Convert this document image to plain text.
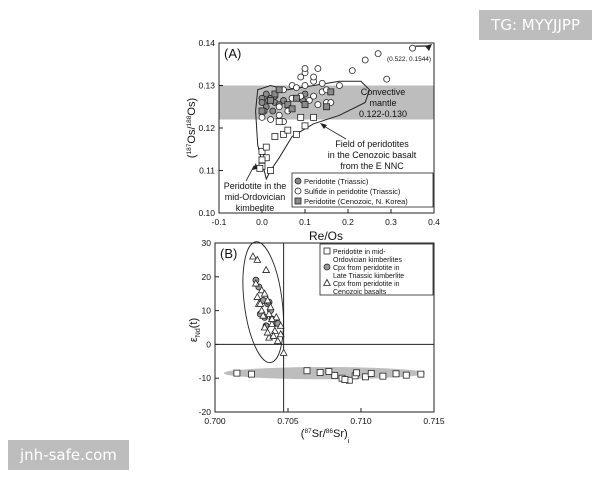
(A)
Re/Os
Convective
mantle
0.122-0.130
Field of peridotites
in the Cenozoic basalt
from the E NNC
Peridotite in the
mid-Ordovician
kimberlite
(0.522, 0.1544)
Peridotite (Triassic)
Sulfide in peridotite (Triassic)
Peridotite (Cenozoic, N. Korea)
-0.1	0.0	0.1	0.2	0.3	0.4
0.10
0.11
0.12
0.13
0.14
($^{187}$Os/$^{188}$Os)
(B)	Peridotite in mid-
Ordovician kimberlites
Cpx from peridotite in
Late Triassic kimberlite
Cpx from peridotite in
Cenozoic basalts
0.700	0.705	0.710	0.715
-20
-10
0
10
20
30
$(^{87}Sr/^{86}Sr)_i$
$\varepsilon_{Nd}(t)$
TG: MYYJJPP
jnh-safe.com
